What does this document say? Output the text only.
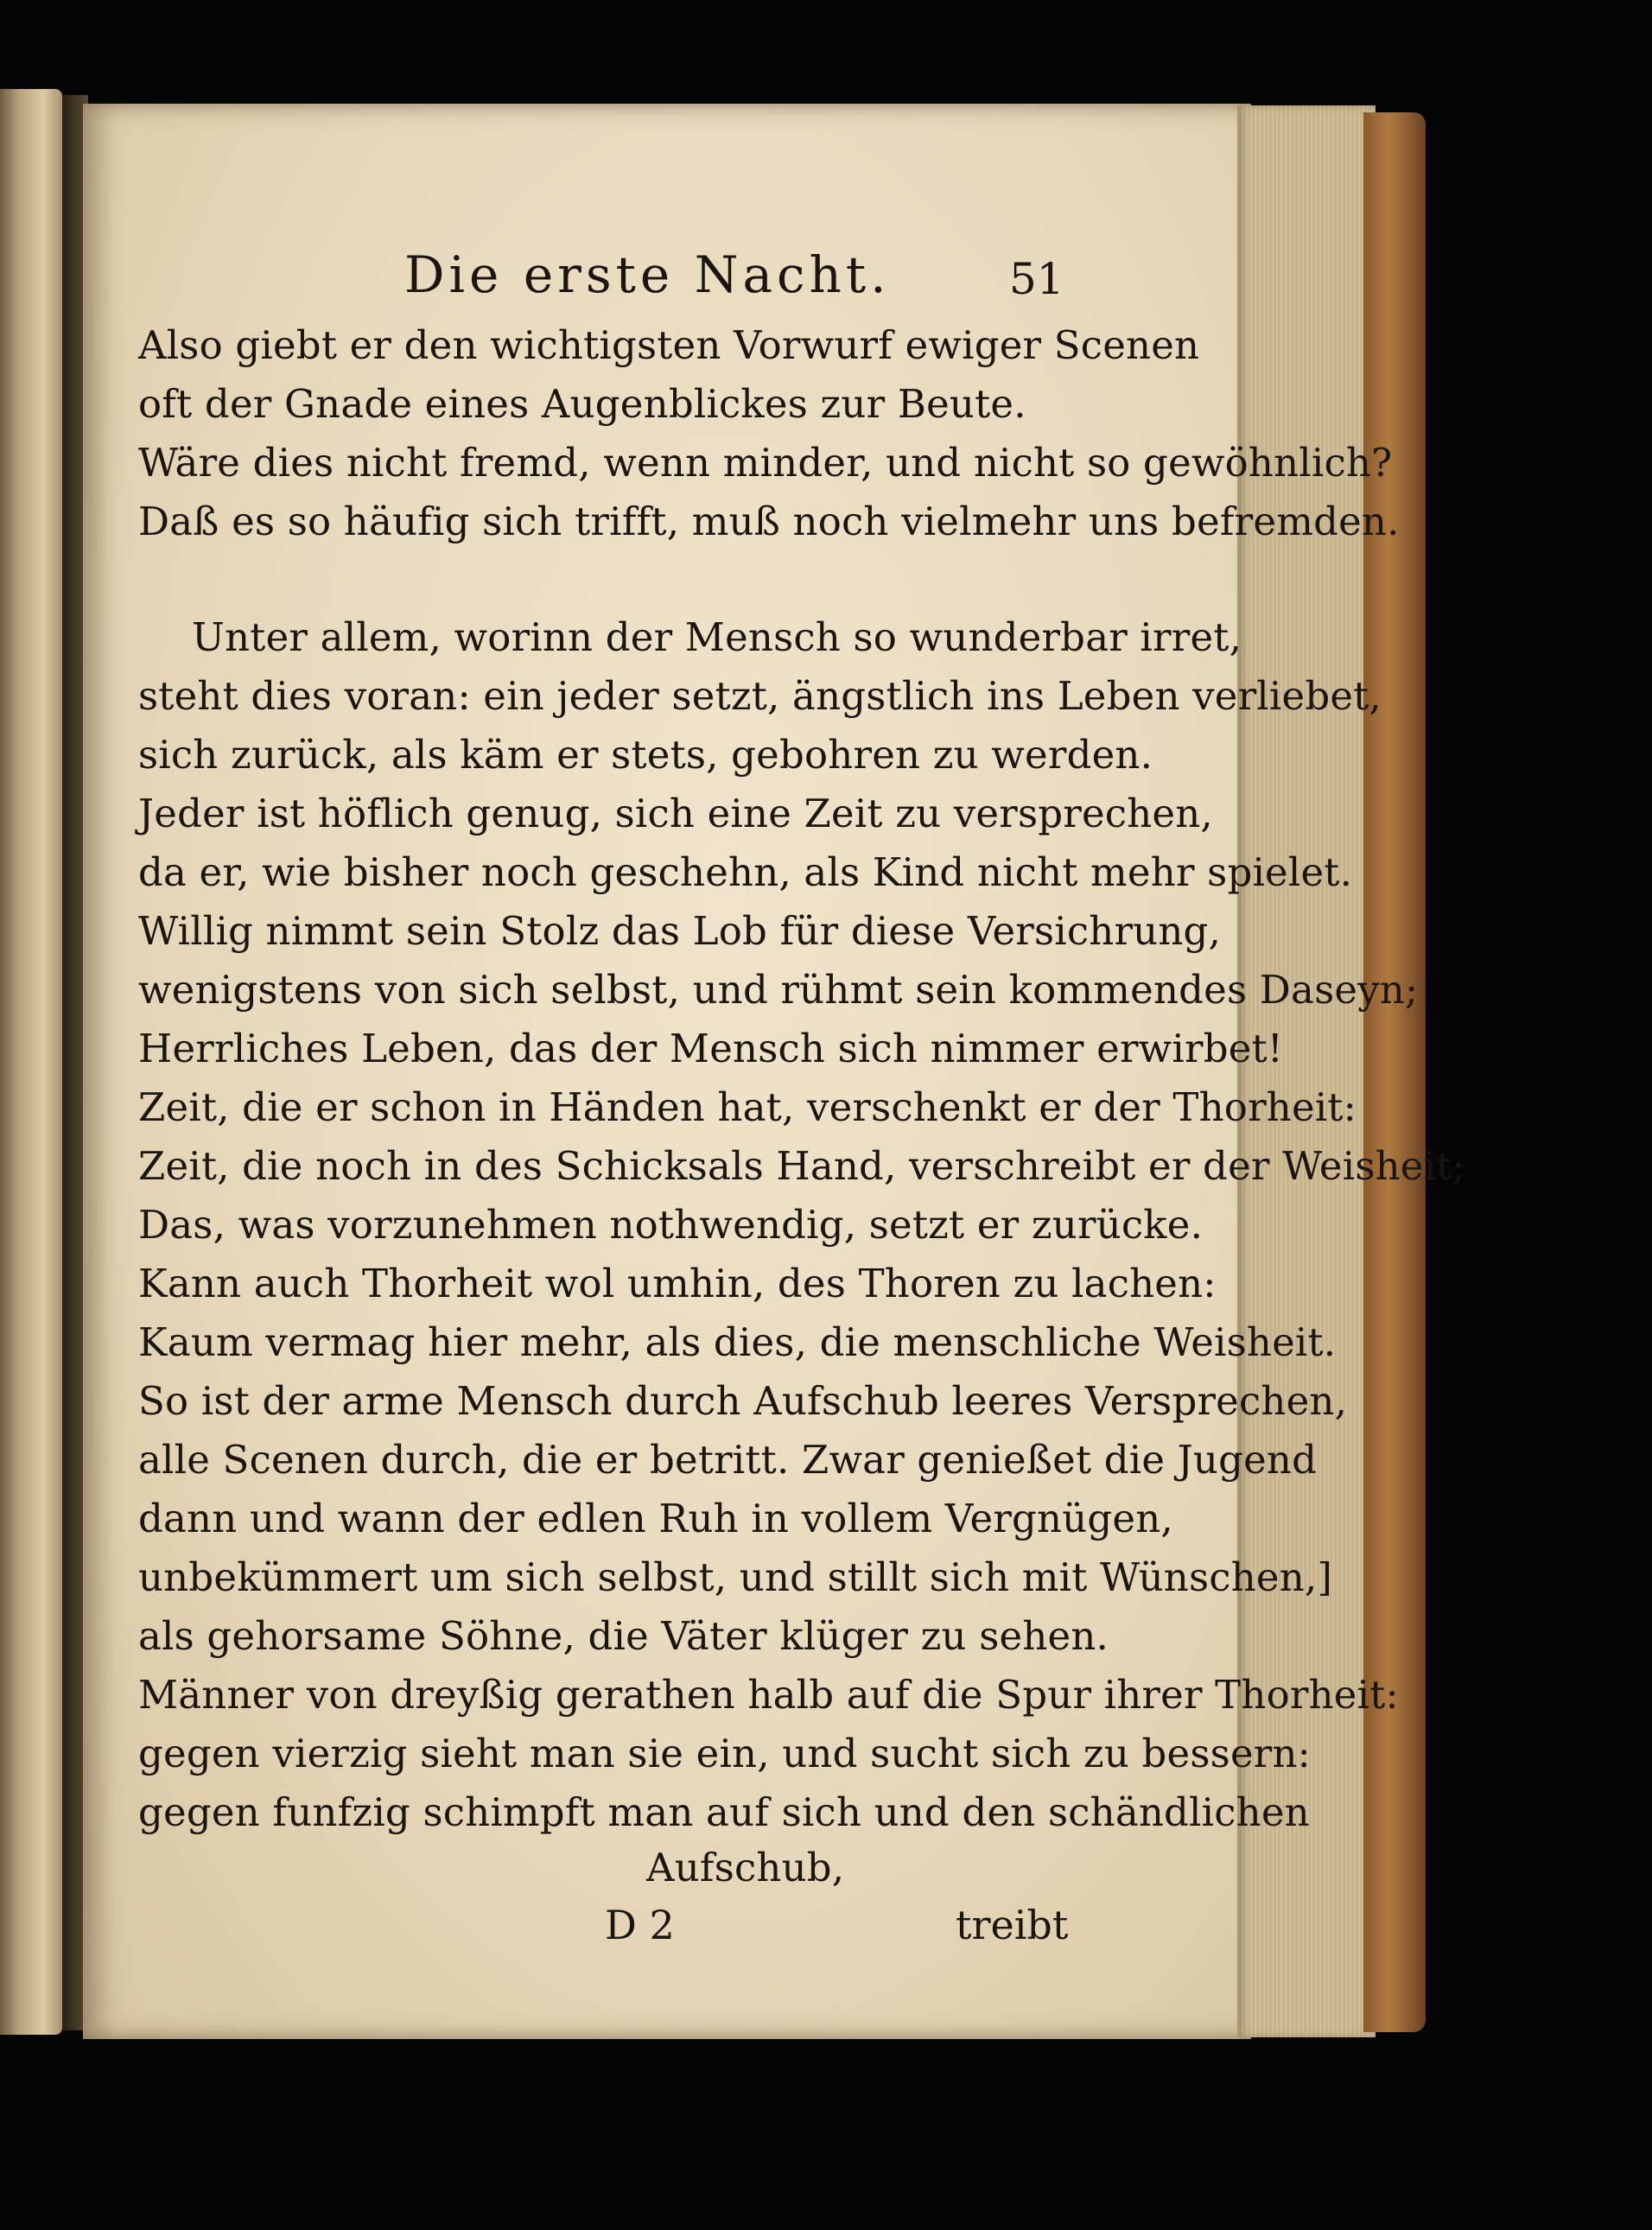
Die erste Nacht.	51

Also giebt er den wichtigsten Vorwurf ewiger Scenen

oft der Gnade eines Augenblickes zur Beute.

Wäre dies nicht fremd, wenn minder, und nicht so gewöhnlich?

Daß es so häufig sich trifft, muß noch vielmehr uns befremden.

Unter allem, worinn der Mensch so wunderbar irret,

steht dies voran: ein jeder setzt, ängstlich ins Leben verliebet,

sich zurück, als käm er stets, gebohren zu werden.

Jeder ist höflich genug, sich eine Zeit zu versprechen,

da er, wie bisher noch geschehn, als Kind nicht mehr spielet.

Willig nimmt sein Stolz das Lob für diese Versichrung,

wenigstens von sich selbst, und rühmt sein kommendes Daseyn;

Herrliches Leben, das der Mensch sich nimmer erwirbet!

Zeit, die er schon in Händen hat, verschenkt er der Thorheit:

Zeit, die noch in des Schicksals Hand, verschreibt er der Weisheit;

Das, was vorzunehmen nothwendig, setzt er zurücke.

Kann auch Thorheit wol umhin, des Thoren zu lachen:

Kaum vermag hier mehr, als dies, die menschliche Weisheit.

So ist der arme Mensch durch Aufschub leeres Versprechen,

alle Scenen durch, die er betritt. Zwar genießet die Jugend

dann und wann der edlen Ruh in vollem Vergnügen,

unbekümmert um sich selbst, und stillt sich mit Wünschen,]

als gehorsame Söhne, die Väter klüger zu sehen.

Männer von dreyßig gerathen halb auf die Spur ihrer Thorheit:

gegen vierzig sieht man sie ein, und sucht sich zu bessern:

gegen funfzig schimpft man auf sich und den schändlichen

Aufschub,

D 2	treibt
